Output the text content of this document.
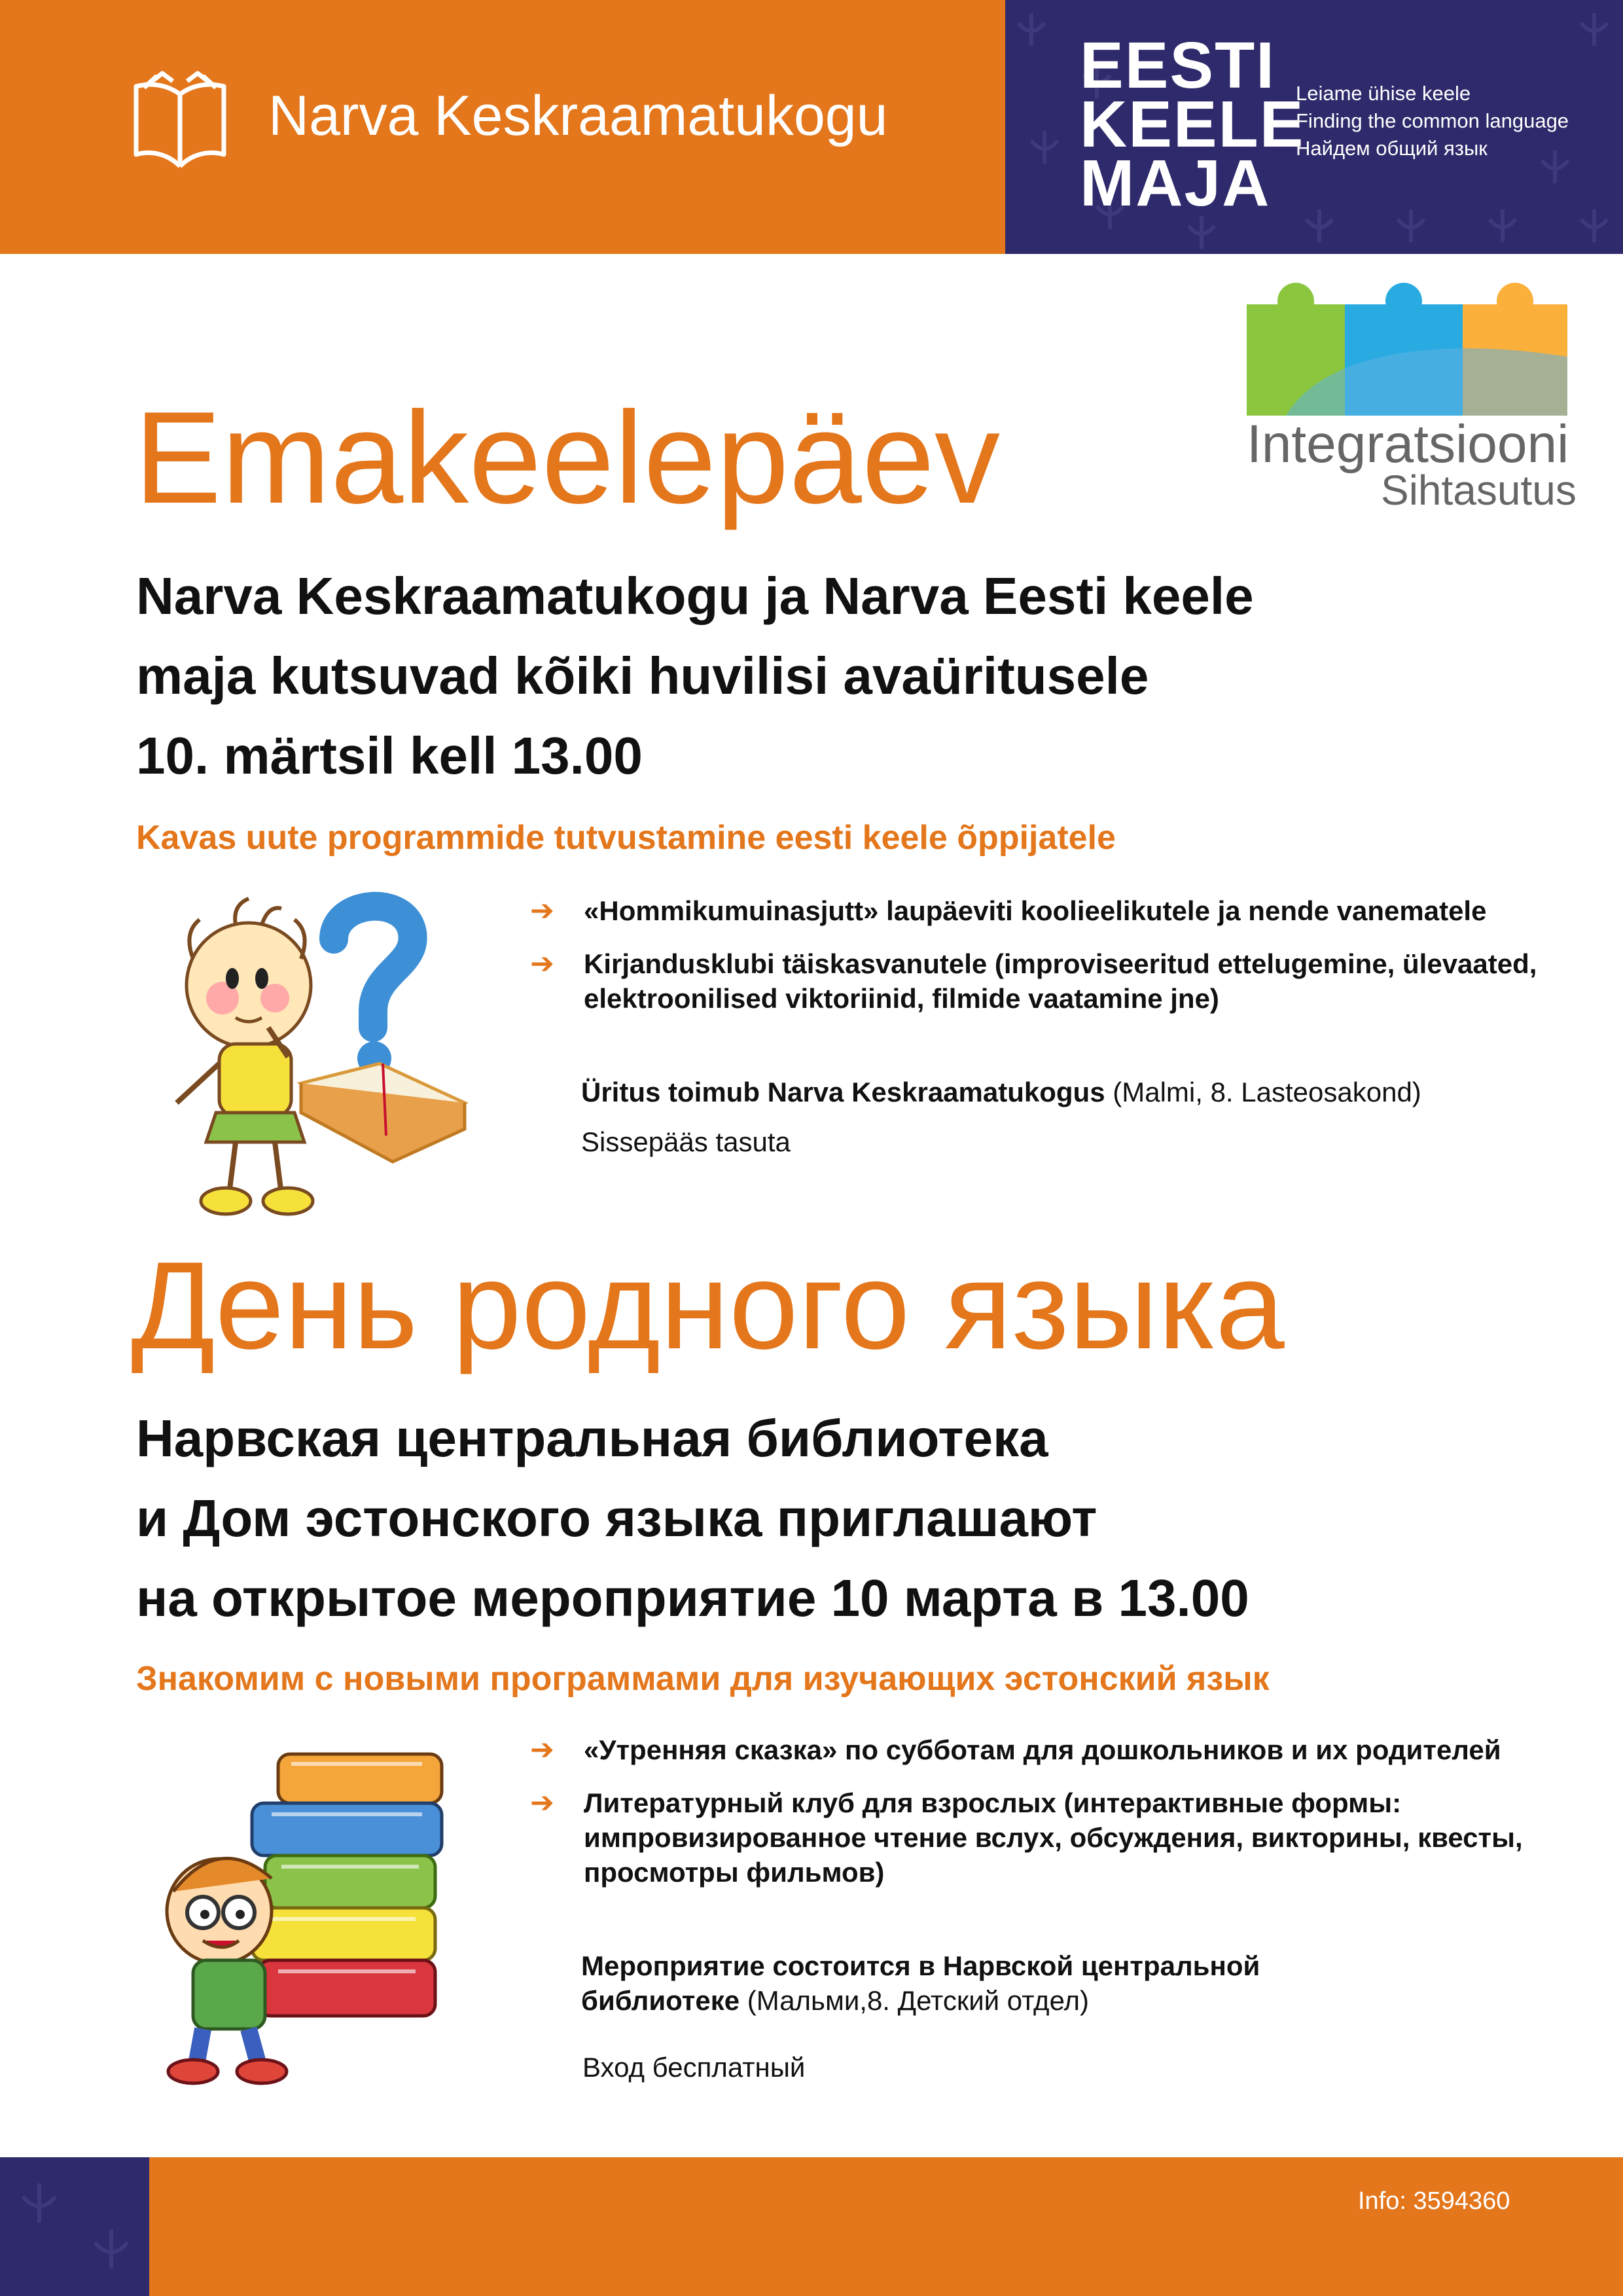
Narva Keskraamatukogu
EESTI
KEELE
MAJA
Leiame ühise keele
Finding the common language
Найдем общий язык
Integratsiooni
Sihtasutus
Emakeelepäev
Narva Keskraamatukogu ja Narva Eesti keele
maja kutsuvad kõiki huvilisi avaüritusele
10. märtsil kell 13.00
Kavas uute programmide tutvustamine eesti keele õppijatele
➔ «Hommikumuinasjutt» laupäeviti koolieelikutele ja nende vanematele
➔ Kirjandusklubi täiskasvanutele (improviseeritud ettelugemine, ülevaated, elektroonilised viktoriinid, filmide vaatamine jne)
Üritus toimub Narva Keskraamatukogus (Malmi, 8. Lasteosakond)
Sissepääs tasuta
День родного языка
Нарвская центральная библиотека
и Дом эстонского языка приглашают
на открытое мероприятие 10 марта в 13.00
Знакомим с новыми программами для изучающих эстонский язык
➔ «Утренняя сказка» по субботам для дошкольников и их родителей
➔ Литературный клуб для взрослых (интерактивные формы: импровизированное чтение вслух, обсуждения, викторины, квесты, просмотры фильмов)
Мероприятие состоится в Нарвской центральной
библиотеке (Мальми,8. Детский отдел)
Вход бесплатный
Info: 3594360
